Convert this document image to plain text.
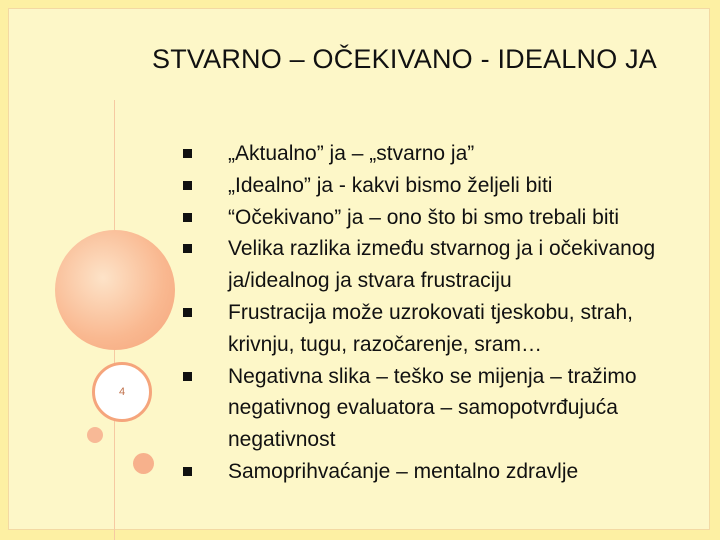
4
STVARNO – OČEKIVANO - IDEALNO JA
„Aktualno” ja – „stvarno ja”
„Idealno” ja - kakvi bismo željeli biti
“Očekivano” ja – ono što bi smo trebali biti
Velika razlika između stvarnog ja i očekivanog ja/idealnog ja stvara frustraciju
Frustracija može uzrokovati tjeskobu, strah, krivnju, tugu, razočarenje, sram…
Negativna slika – teško se mijenja – tražimo negativnog evaluatora – samopotvrđujuća negativnost
Samoprihvaćanje – mentalno zdravlje
